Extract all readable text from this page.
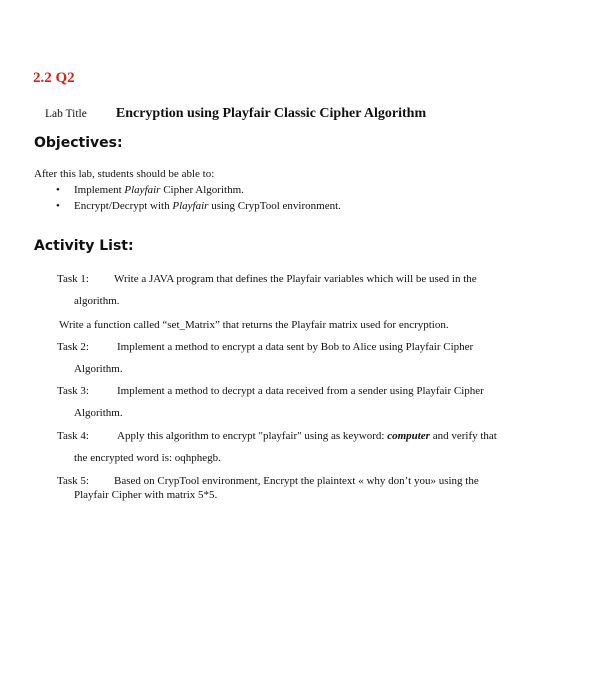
2.2 Q2
Lab Title Encryption using Playfair Classic Cipher Algorithm
Objectives:
After this lab, students should be able to:
• Implement Playfair Cipher Algorithm.
• Encrypt/Decrypt with Playfair using CrypTool environment.
Activity List:
Task 1: Write a JAVA program that defines the Playfair variables which will be used in the
algorithm.
Write a function called “set_Matrix” that returns the Playfair matrix used for encryption.
Task 2:	Implement a method to encrypt a data sent by Bob to Alice using Playfair Cipher
Algorithm.
Task 3:	Implement a method to decrypt a data received from a sender using Playfair Cipher
Algorithm.
Task 4:	Apply this algorithm to encrypt "playfair" using as keyword: computer and verify that
the encrypted word is: oqhphegb.
Task 5: Based on CrypTool environment, Encrypt the plaintext « why don’t you» using the
Playfair Cipher with matrix 5*5.
